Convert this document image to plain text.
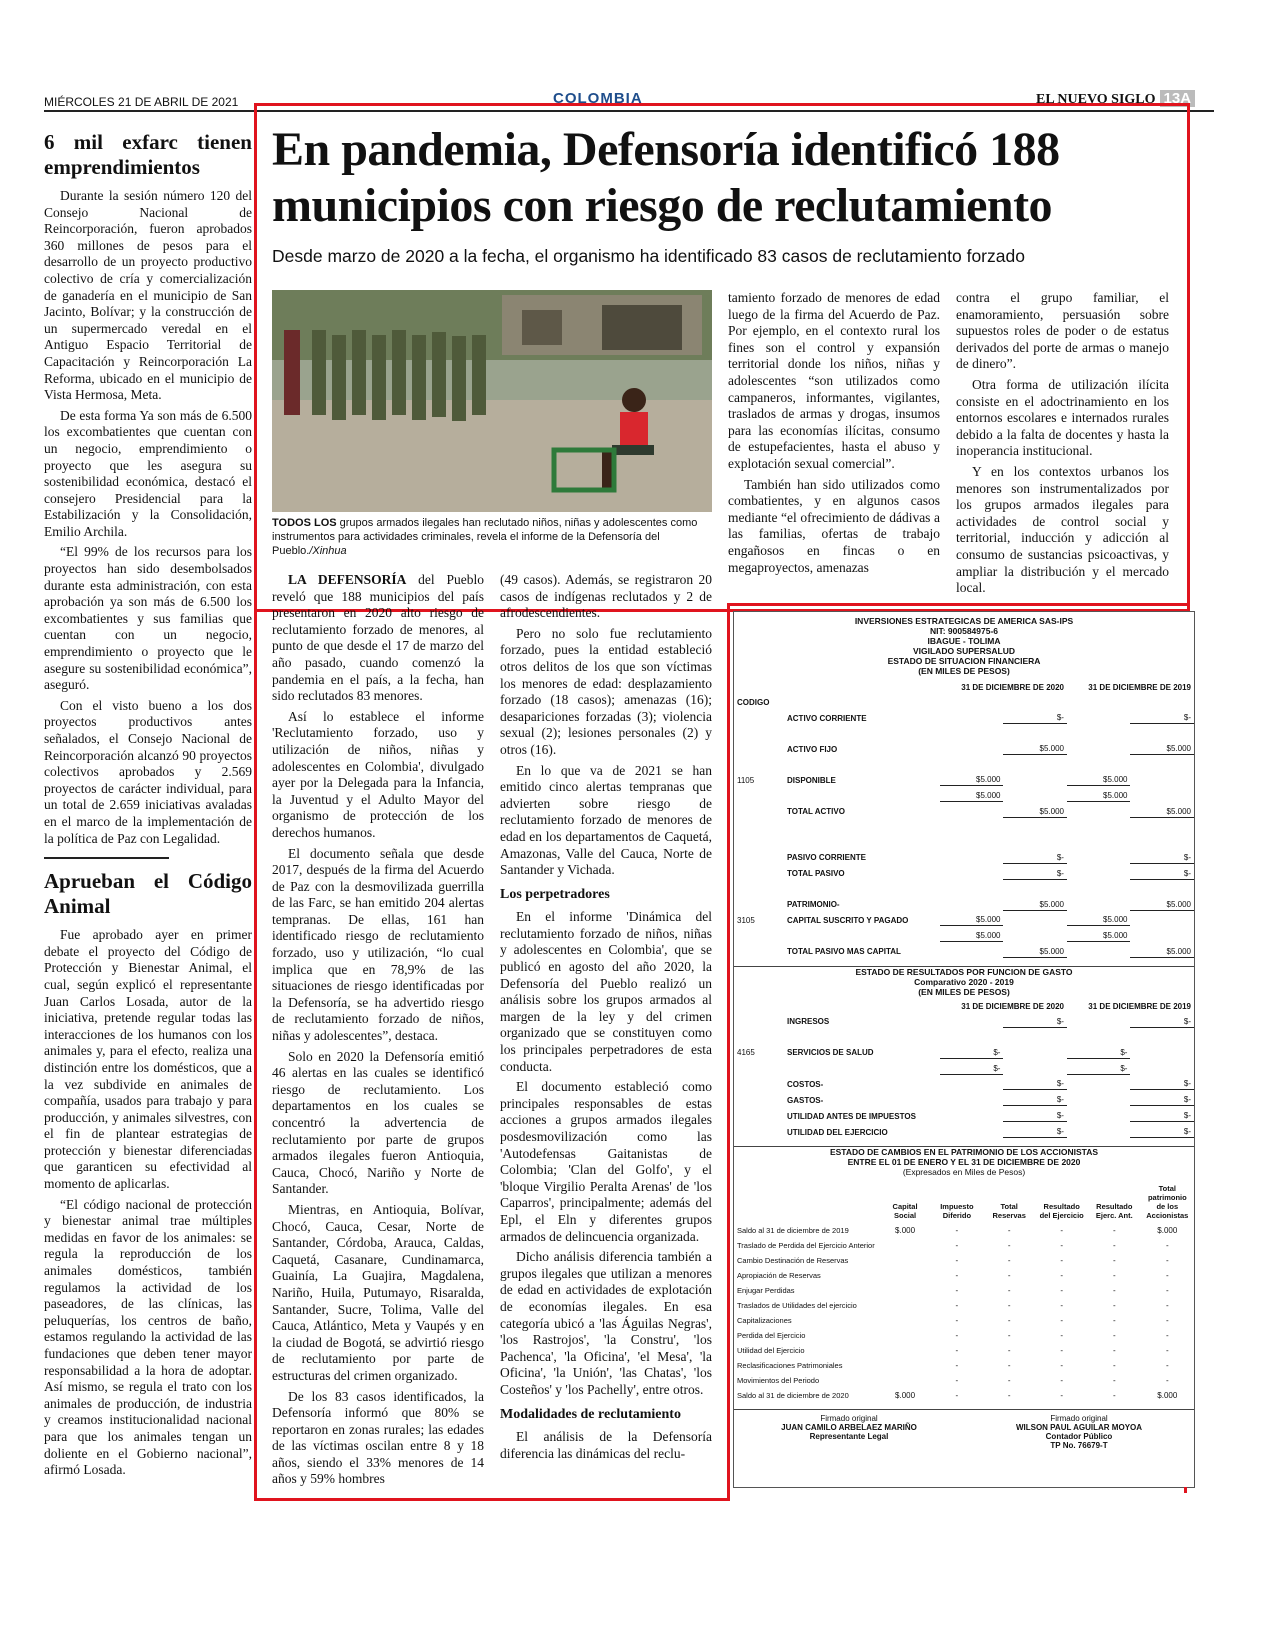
MIÉRCOLES 21 DE ABRIL DE 2021	COLOMBIA	EL NUEVO SIGLO 13A
6 mil exfarc tienen emprendimientos

Durante la sesión número 120 del Consejo Nacional de Reincorporación, fueron aprobados 360 millones de pesos para el desarrollo de un proyecto productivo colectivo de cría y comercialización de ganadería en el municipio de San Jacinto, Bolívar; y la construcción de un supermercado veredal en el Antiguo Espacio Territorial de Capacitación y Reincorporación La Reforma, ubicado en el municipio de Vista Hermosa, Meta.

De esta forma Ya son más de 6.500 los excombatientes que cuentan con un negocio, emprendimiento o proyecto que les asegura su sostenibilidad económica, destacó el consejero Presidencial para la Estabilización y la Consolidación, Emilio Archila.

“El 99% de los recursos para los proyectos han sido desembolsados durante esta administración, con esta aprobación ya son más de 6.500 los excombatientes y sus familias que cuentan con un negocio, emprendimiento o proyecto que le asegure su sostenibilidad económica”, aseguró.

Con el visto bueno a los dos proyectos productivos antes señalados, el Consejo Nacional de Reincorporación alcanzó 90 proyectos colectivos aprobados y 2.569 proyectos de carácter individual, para un total de 2.659 iniciativas avaladas en el marco de la implementación de la política de Paz con Legalidad.

Aprueban el Código Animal

Fue aprobado ayer en primer debate el proyecto del Código de Protección y Bienestar Animal, el cual, según explicó el representante Juan Carlos Losada, autor de la iniciativa, pretende regular todas las interacciones de los humanos con los animales y, para el efecto, realiza una distinción entre los domésticos, que a la vez subdivide en animales de compañía, usados para trabajo y para producción, y animales silvestres, con el fin de plantear estrategias de protección y bienestar diferenciadas que garanticen su efectividad al momento de aplicarlas.

“El código nacional de protección y bienestar animal trae múltiples medidas en favor de los animales: se regula la reproducción de los animales domésticos, también regulamos la actividad de los paseadores, de las clínicas, las peluquerías, los centros de baño, estamos regulando la actividad de las fundaciones que deben tener mayor responsabilidad a la hora de adoptar. Así mismo, se regula el trato con los animales de producción, de industria y creamos institucionalidad nacional para que los animales tengan un doliente en el Gobierno nacional”, afirmó Losada.

En pandemia, Defensoría identificó 188 municipios con riesgo de reclutamiento
Desde marzo de 2020 a la fecha, el organismo ha identificado 83 casos de reclutamiento forzado
TODOS LOS grupos armados ilegales han reclutado niños, niñas y adolescentes como instrumentos para actividades criminales, revela el informe de la Defensoría del Pueblo./Xinhua

LA DEFENSORÍA del Pueblo reveló que 188 municipios del país presentaron en 2020 alto riesgo de reclutamiento forzado de menores, al punto de que desde el 17 de marzo del año pasado, cuando comenzó la pandemia en el país, a la fecha, han sido reclutados 83 menores.

Así lo establece el informe 'Reclutamiento forzado, uso y utilización de niños, niñas y adolescentes en Colombia', divulgado ayer por la Delegada para la Infancia, la Juventud y el Adulto Mayor del organismo de protección de los derechos humanos.

El documento señala que desde 2017, después de la firma del Acuerdo de Paz con la desmovilizada guerrilla de las Farc, se han emitido 204 alertas tempranas. De ellas, 161 han identificado riesgo de reclutamiento forzado, uso y utilización, “lo cual implica que en 78,9% de las situaciones de riesgo identificadas por la Defensoría, se ha advertido riesgo de reclutamiento forzado de niños, niñas y adolescentes”, destaca.

Solo en 2020 la Defensoría emitió 46 alertas en las cuales se identificó riesgo de reclutamiento. Los departamentos en los cuales se concentró la advertencia de reclutamiento por parte de grupos armados ilegales fueron Antioquia, Cauca, Chocó, Nariño y Norte de Santander.

Mientras, en Antioquia, Bolívar, Chocó, Cauca, Cesar, Norte de Santander, Córdoba, Arauca, Caldas, Caquetá, Casanare, Cundinamarca, Guainía, La Guajira, Magdalena, Nariño, Huila, Putumayo, Risaralda, Santander, Sucre, Tolima, Valle del Cauca, Atlántico, Meta y Vaupés y en la ciudad de Bogotá, se advirtió riesgo de reclutamiento por parte de estructuras del crimen organizado.

De los 83 casos identificados, la Defensoría informó que 80% se reportaron en zonas rurales; las edades de las víctimas oscilan entre 8 y 18 años, siendo el 33% menores de 14 años y 59% hombres

(49 casos). Además, se registraron 20 casos de indígenas reclutados y 2 de afrodescendientes.

Pero no solo fue reclutamiento forzado, pues la entidad estableció otros delitos de los que son víctimas los menores de edad: desplazamiento forzado (18 casos); amenazas (16); desapariciones forzadas (3); violencia sexual (2); lesiones personales (2) y otros (16).

En lo que va de 2021 se han emitido cinco alertas tempranas que advierten sobre riesgo de reclutamiento forzado de menores de edad en los departamentos de Caquetá, Amazonas, Valle del Cauca, Norte de Santander y Vichada.

Los perpetradores

En el informe 'Dinámica del reclutamiento forzado de niños, niñas y adolescentes en Colombia', que se publicó en agosto del año 2020, la Defensoría del Pueblo realizó un análisis sobre los grupos armados al margen de la ley y del crimen organizado que se constituyen como los principales perpetradores de esta conducta.

El documento estableció como principales responsables de estas acciones a grupos armados ilegales posdesmovilización como las 'Autodefensas Gaitanistas de Colombia; 'Clan del Golfo', y el 'bloque Virgilio Peralta Arenas' de 'los Caparros', principalmente; además del Epl, el Eln y diferentes grupos armados de delincuencia organizada.

Dicho análisis diferencia también a grupos ilegales que utilizan a menores de edad en actividades de explotación de economías ilegales. En esa categoría ubicó a 'las Águilas Negras', 'los Rastrojos', 'la Constru', 'los Pachenca', 'la Oficina', 'el Mesa', 'la Oficina', 'la Unión', 'las Chatas', 'los Costeños' y 'los Pachelly', entre otros.

Modalidades de reclutamiento

El análisis de la Defensoría diferencia las dinámicas del reclu-

tamiento forzado de menores de edad luego de la firma del Acuerdo de Paz. Por ejemplo, en el contexto rural los fines son el control y expansión territorial donde los niños, niñas y adolescentes “son utilizados como campaneros, informantes, vigilantes, traslados de armas y drogas, insumos para las economías ilícitas, consumo de estupefacientes, hasta el abuso y explotación sexual comercial”.

También han sido utilizados como combatientes, y en algunos casos mediante “el ofrecimiento de dádivas a las familias, ofertas de trabajo engañosos en fincas o en megaproyectos, amenazas

contra el grupo familiar, el enamoramiento, persuasión sobre supuestos roles de poder o de estatus derivados del porte de armas o manejo de dinero”.

Otra forma de utilización ilícita consiste en el adoctrinamiento en los entornos escolares e internados rurales debido a la falta de docentes y hasta la inoperancia institucional.

Y en los contextos urbanos los menores son instrumentalizados por los grupos armados ilegales para actividades de control social y territorial, inducción y adicción al consumo de sustancias psicoactivas, y ampliar la distribución y el mercado local.

INVERSIONES ESTRATEGICAS DE AMERICA SAS-IPS
NIT: 900584975-6
IBAGUE - TOLIMA
VIGILADO SUPERSALUD
ESTADO DE SITUACION FINANCIERA
(EN MILES DE PESOS)
		31 DE DICIEMBRE DE 2020		31 DE DICIEMBRE DE 2019	
CODIGO					
	ACTIVO CORRIENTE		$-		$-

	ACTIVO FIJO		$5.000		$5.000

1105	DISPONIBLE	$5.000		$5.000	
		$5.000		$5.000	
	TOTAL ACTIVO		$5.000		$5.000

	PASIVO CORRIENTE		$-		$-
	TOTAL PASIVO		$-		$-

	PATRIMONIO-		$5.000		$5.000
3105	CAPITAL SUSCRITO Y PAGADO	$5.000		$5.000	
		$5.000		$5.000	
	TOTAL PASIVO MAS CAPITAL		$5.000		$5.000
ESTADO DE RESULTADOS POR FUNCION DE GASTO
Comparativo 2020 - 2019
(EN MILES DE PESOS)
		31 DE DICIEMBRE DE 2020		31 DE DICIEMBRE DE 2019	
	INGRESOS		$-		$-

4165	SERVICIOS DE SALUD	$-		$-	
		$-		$-	
	COSTOS-		$-		$-
	GASTOS-		$-		$-
	UTILIDAD ANTES DE IMPUESTOS		$-		$-
	UTILIDAD DEL EJERCICIO		$-		$-
ESTADO DE CAMBIOS EN EL PATRIMONIO DE LOS ACCIONISTAS
ENTRE EL 01 DE ENERO Y EL 31 DE DICIEMBRE DE 2020
(Expresados en Miles de Pesos)
	Capital Social	Impuesto Diferido	Total Reservas	Resultado del Ejercicio	Resultado Ejerc. Ant.	Total patrimonio de los Accionistas
Saldo al 31 de diciembre de 2019	$.000	-	-	-	-	$.000
Traslado de Perdida del Ejercicio Anterior		-	-	-	-	-
Cambio Destinación de Reservas		-	-	-	-	-
Apropiación de Reservas		-	-	-	-	-
Enjugar Perdidas		-	-	-	-	-
Traslados de Utilidades del ejercicio		-	-	-	-	-
Capitalizaciones		-	-	-	-	-
Perdida del Ejercicio		-	-	-	-	-
Utilidad del Ejercicio		-	-	-	-	-
Reclasificaciones Patrimoniales		-	-	-	-	-
Movimientos del Periodo		-	-	-	-	-
Saldo al 31 de diciembre de 2020	$.000	-	-	-	-	$.000
Firmado original
JUAN CAMILO ARBELAEZ MARIÑO
Representante Legal
Firmado original
WILSON PAUL AGUILAR MOYOA
Contador Público
TP No. 76679-T
